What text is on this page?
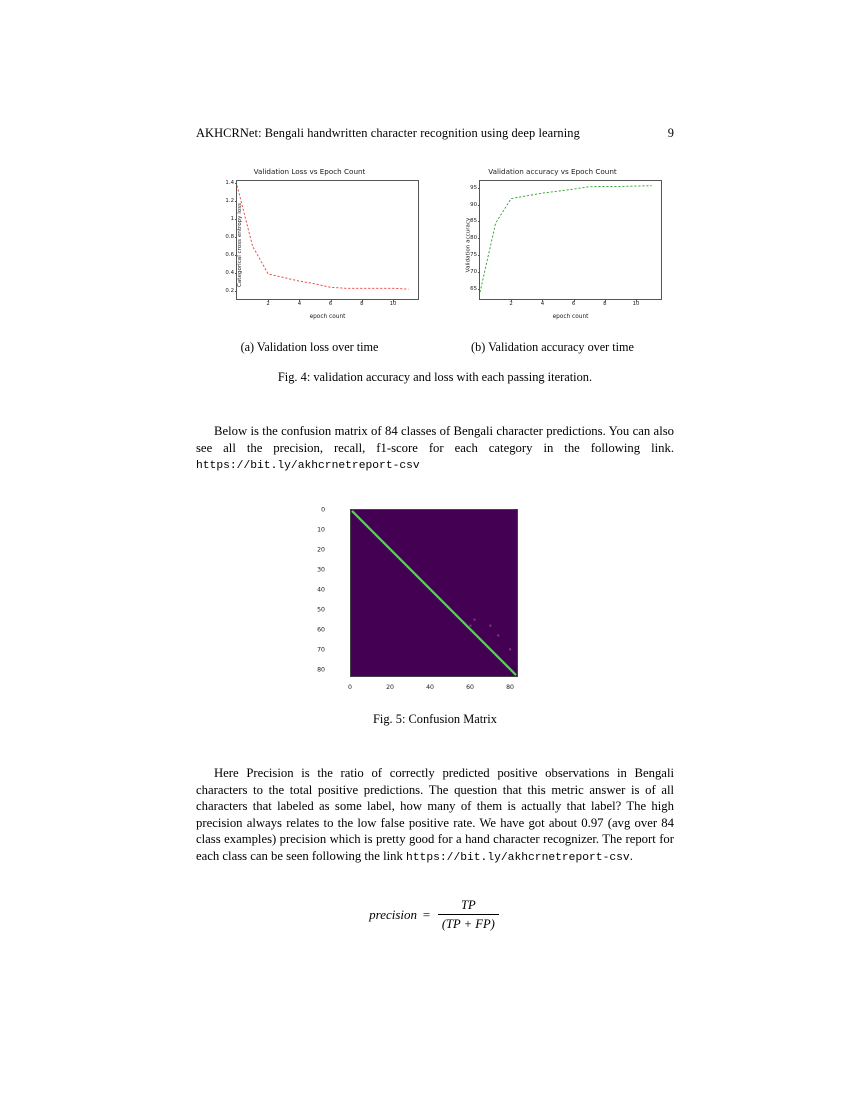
AKHCRNet: Bengali handwritten character recognition using deep learning	9
Validation Loss vs Epoch Count
Categorical cross entropy loss
1.4
1.2
1
0.8
0.6
0.4
0.2
2	4	6	8	10
epoch count
Validation accuracy vs Epoch Count
Validation accuracy
95
90
85
80
75
70
65
2	4	6	8	10
epoch count
(a) Validation loss over time	(b) Validation accuracy over time
Fig. 4: validation accuracy and loss with each passing iteration.
Below is the confusion matrix of 84 classes of Bengali character predictions. You can also see all the precision, recall, f1-score for each category in the following link. https://bit.ly/akhcrnetreport-csv
0
10
20
30
40
50
60
70
80
0	20	40	60	80
Fig. 5: Confusion Matrix
Here Precision is the ratio of correctly predicted positive observations in Bengali characters to the total positive predictions. The question that this metric answer is of all characters that labeled as some label, how many of them is actually that label? The high precision always relates to the low false positive rate. We have got about 0.97 (avg over 84 class examples) precision which is pretty good for a hand character recognizer. The report for each class can be seen following the link https://bit.ly/akhcrnetreport-csv.
precision = $\frac{TP}{(TP + FP)}$
